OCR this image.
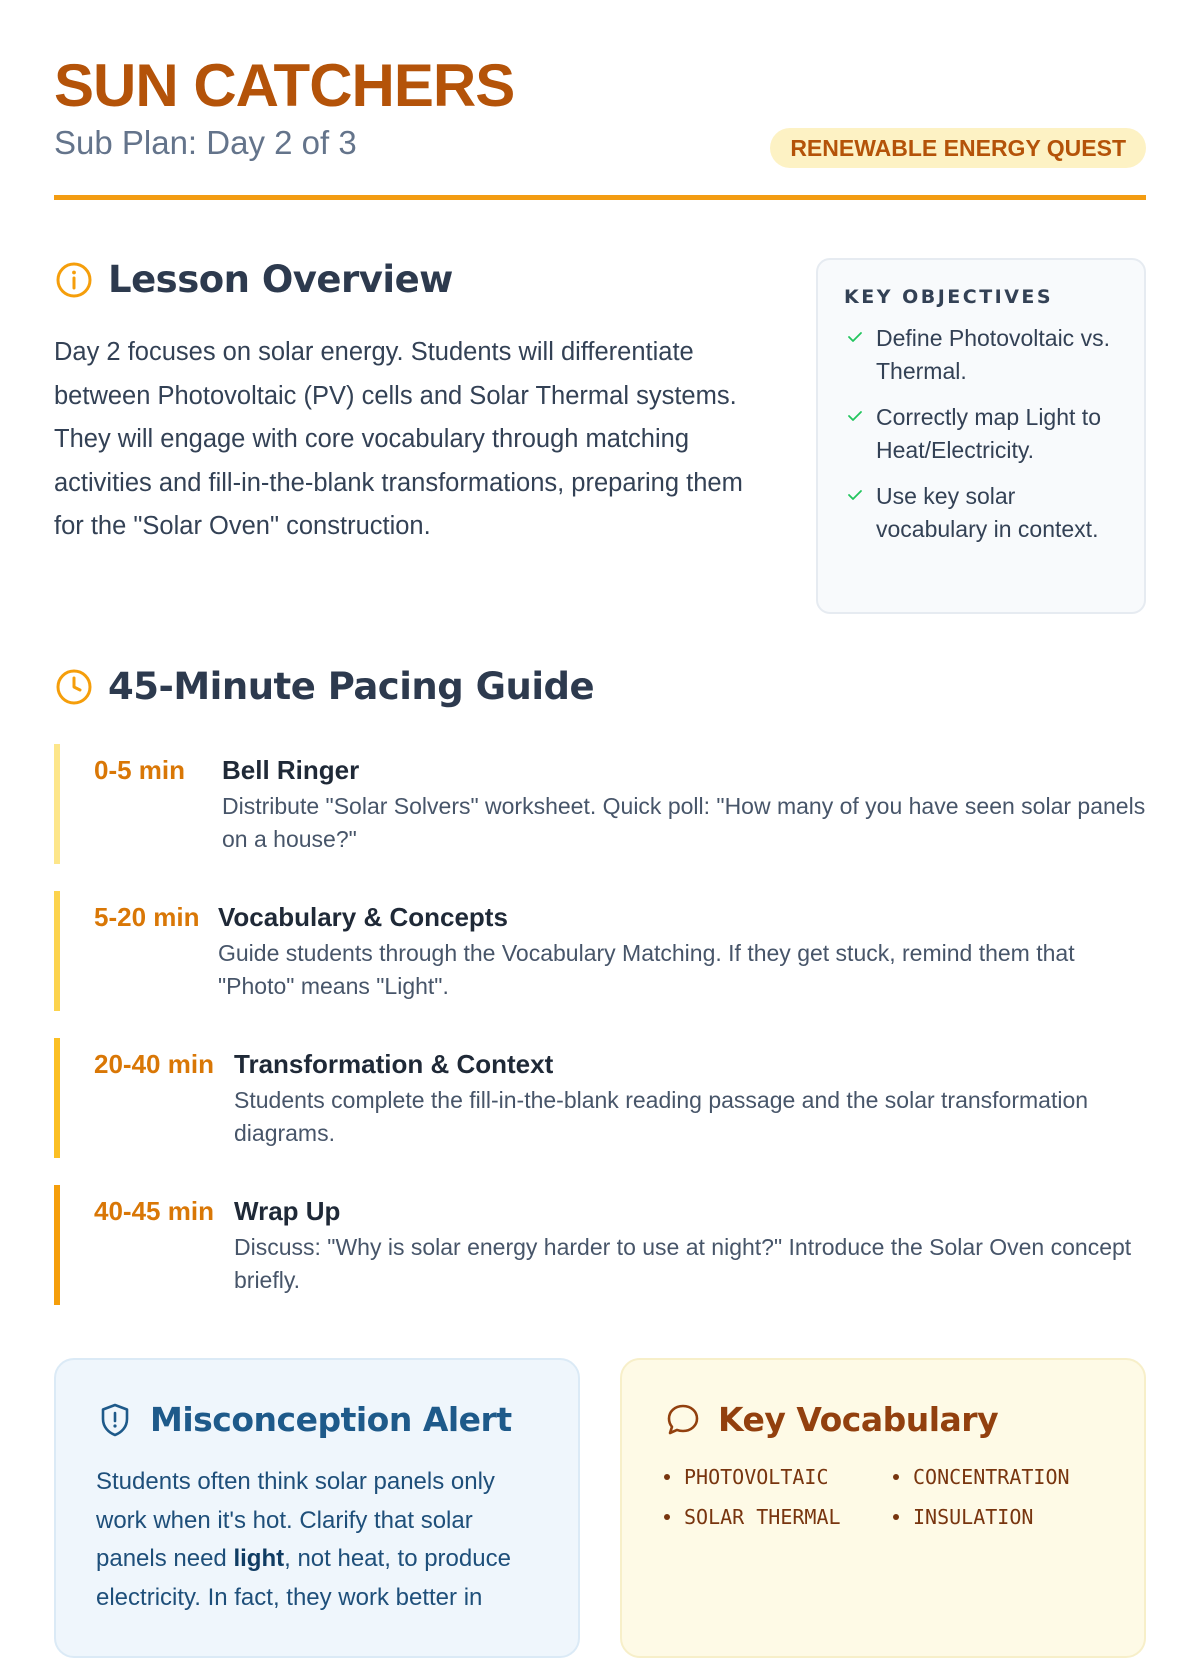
SUN CATCHERS
Sub Plan: Day 2 of 3	RENEWABLE ENERGY QUEST
Lesson Overview

Day 2 focuses on solar energy. Students will differentiate between Photovoltaic (PV) cells and Solar Thermal systems. They will engage with core vocabulary through matching activities and fill-in-the-blank transformations, preparing them for the "Solar Oven" construction.

KEY OBJECTIVES
Define Photovoltaic vs. Thermal.
Correctly map Light to Heat/Electricity.
Use key solar vocabulary in context.
45-Minute Pacing Guide
0-5 min	Bell Ringer
Distribute "Solar Solvers" worksheet. Quick poll: "How many of you have seen solar panels on a house?"
5-20 min Vocabulary & Concepts
Guide students through the Vocabulary Matching. If they get stuck, remind them that "Photo" means "Light".
20-40 min Transformation & Context
Students complete the fill-in-the-blank reading passage and the solar transformation diagrams.
40-45 min Wrap Up
Discuss: "Why is solar energy harder to use at night?" Introduce the Solar Oven concept briefly.
Misconception Alert

Students often think solar panels only work when it's hot. Clarify that solar panels need light, not heat, to produce electricity. In fact, they work better in

Key Vocabulary
PHOTOVOLTAIC	CONCENTRATION
SOLAR THERMAL	INSULATION
